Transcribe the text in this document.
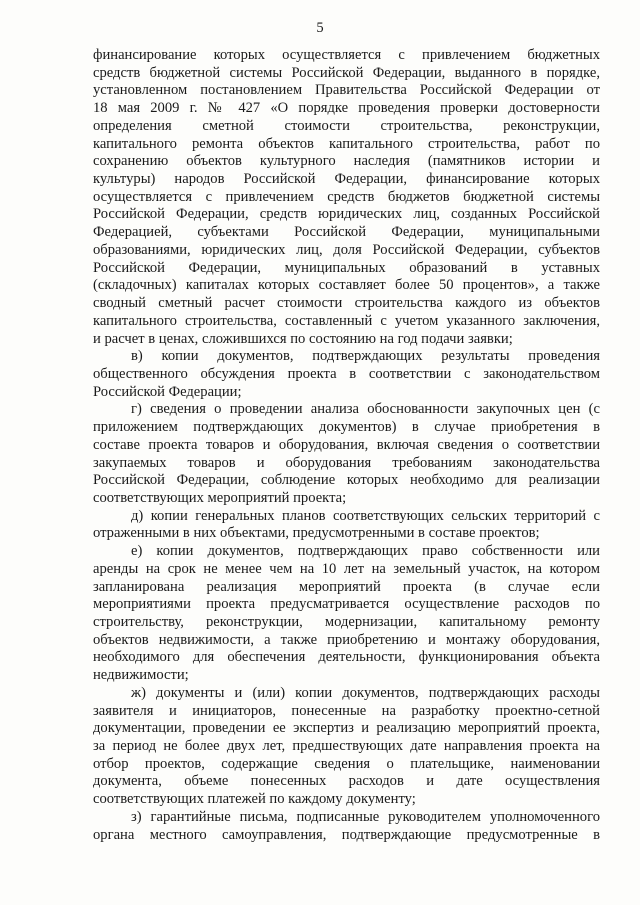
5
финансирование которых осуществляется с привлечением бюджетных
средств бюджетной системы Российской Федерации, выданного в порядке,
установленном постановлением Правительства Российской Федерации от
18 мая 2009 г. № 427 «О порядке проведения проверки достоверности
определения сметной стоимости строительства, реконструкции,
капитального ремонта объектов капитального строительства, работ по
сохранению объектов культурного наследия (памятников истории и
культуры) народов Российской Федерации, финансирование которых
осуществляется с привлечением средств бюджетов бюджетной системы
Российской Федерации, средств юридических лиц, созданных Российской
Федерацией, субъектами Российской Федерации, муниципальными
образованиями, юридических лиц, доля Российской Федерации, субъектов
Российской Федерации, муниципальных образований в уставных
(складочных) капиталах которых составляет более 50 процентов», а также
сводный сметный расчет стоимости строительства каждого из объектов
капитального строительства, составленный с учетом указанного заключения,
и расчет в ценах, сложившихся по состоянию на год подачи заявки;
в) копии документов, подтверждающих результаты проведения
общественного обсуждения проекта в соответствии с законодательством
Российской Федерации;
г) сведения о проведении анализа обоснованности закупочных цен (с
приложением подтверждающих документов) в случае приобретения в
составе проекта товаров и оборудования, включая сведения о соответствии
закупаемых товаров и оборудования требованиям законодательства
Российской Федерации, соблюдение которых необходимо для реализации
соответствующих мероприятий проекта;
д) копии генеральных планов соответствующих сельских территорий с
отраженными в них объектами, предусмотренными в составе проектов;
е) копии документов, подтверждающих право собственности или
аренды на срок не менее чем на 10 лет на земельный участок, на котором
запланирована реализация мероприятий проекта (в случае если
мероприятиями проекта предусматривается осуществление расходов по
строительству, реконструкции, модернизации, капитальному ремонту
объектов недвижимости, а также приобретению и монтажу оборудования,
необходимого для обеспечения деятельности, функционирования объекта
недвижимости;
ж) документы и (или) копии документов, подтверждающих расходы
заявителя и инициаторов, понесенные на разработку проектно-сетной
документации, проведении ее экспертиз и реализацию мероприятий проекта,
за период не более двух лет, предшествующих дате направления проекта на
отбор проектов, содержащие сведения о плательщике, наименовании
документа, объеме понесенных расходов и дате осуществления
соответствующих платежей по каждому документу;
з) гарантийные письма, подписанные руководителем уполномоченного
органа местного самоуправления, подтверждающие предусмотренные в
